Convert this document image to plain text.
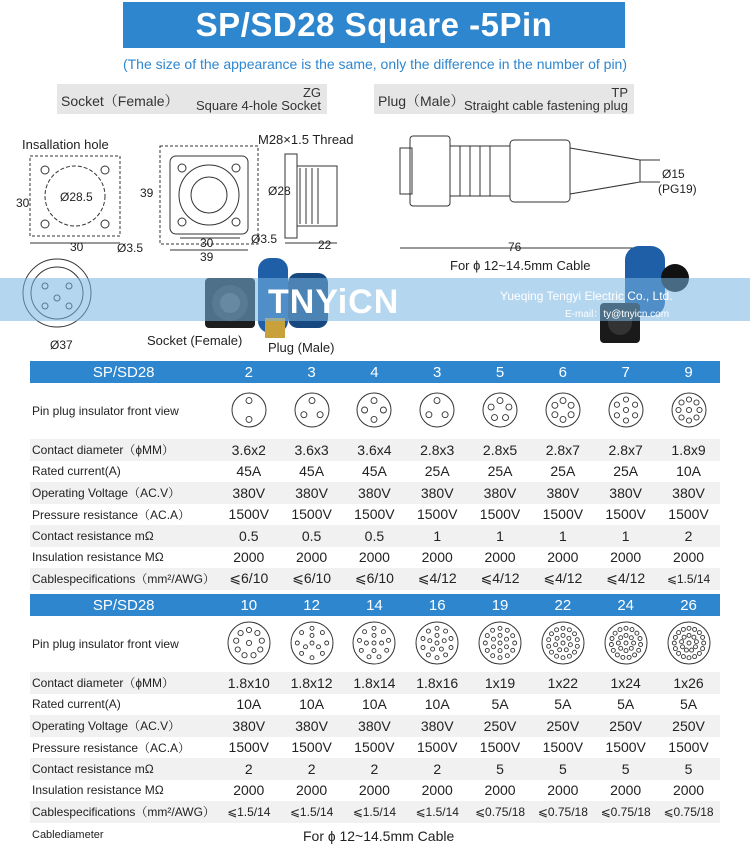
SP/SD28 Square -5Pin
(The size of the appearance is the same, only the difference in the number of pin)
Socket（Female）
ZG
Square 4-hole Socket	Plug（Male）
TP
Straight cable fastening plug
Insallation hole
Ø28.5
30
30
Ø3.5
M28×1.5 Thread
39
30
39
Ø3.5
Ø28
22
Ø15
(PG19)
76
For ɸ 12~14.5mm Cable
Ø37	Socket (Female) Plug (Male)
TNYiCN	Yueqing Tengyi Electric Co., Ltd.
E-mail：ty@tnyicn.com
SP/SD28	2	3	4	3	5	6	7	9
Pin plug insulator front view								
Contact diameter（ɸMM）	3.6x2	3.6x3	3.6x4	2.8x3	2.8x5	2.8x7	2.8x7	1.8x9
Rated current(A)	45A	45A	45A	25A	25A	25A	25A	10A
Operating Voltage（AC.V）	380V	380V	380V	380V	380V	380V	380V	380V
Pressure resistance（AC.A）	1500V	1500V	1500V	1500V	1500V	1500V	1500V	1500V
Contact resistance mΩ	0.5	0.5	0.5	1	1	1	1	2
Insulation resistance MΩ	2000	2000	2000	2000	2000	2000	2000	2000
Cablespecifications（mm²/AWG）	⩽6/10	⩽6/10	⩽6/10	⩽4/12	⩽4/12	⩽4/12	⩽4/12	⩽1.5/14
SP/SD28	10	12	14	16	19	22	24	26
Pin plug insulator front view								
Contact diameter（ɸMM）	1.8x10	1.8x12	1.8x14	1.8x16	1x19	1x22	1x24	1x26
Rated current(A)	10A	10A	10A	10A	5A	5A	5A	5A
Operating Voltage（AC.V）	380V	380V	380V	380V	250V	250V	250V	250V
Pressure resistance（AC.A）	1500V	1500V	1500V	1500V	1500V	1500V	1500V	1500V
Contact resistance mΩ	2	2	2	2	5	5	5	5
Insulation resistance MΩ	2000	2000	2000	2000	2000	2000	2000	2000
Cablespecifications（mm²/AWG）	⩽1.5/14	⩽1.5/14	⩽1.5/14	⩽1.5/14	⩽0.75/18	⩽0.75/18	⩽0.75/18	⩽0.75/18
Cablediameter	For ɸ 12~14.5mm Cable
